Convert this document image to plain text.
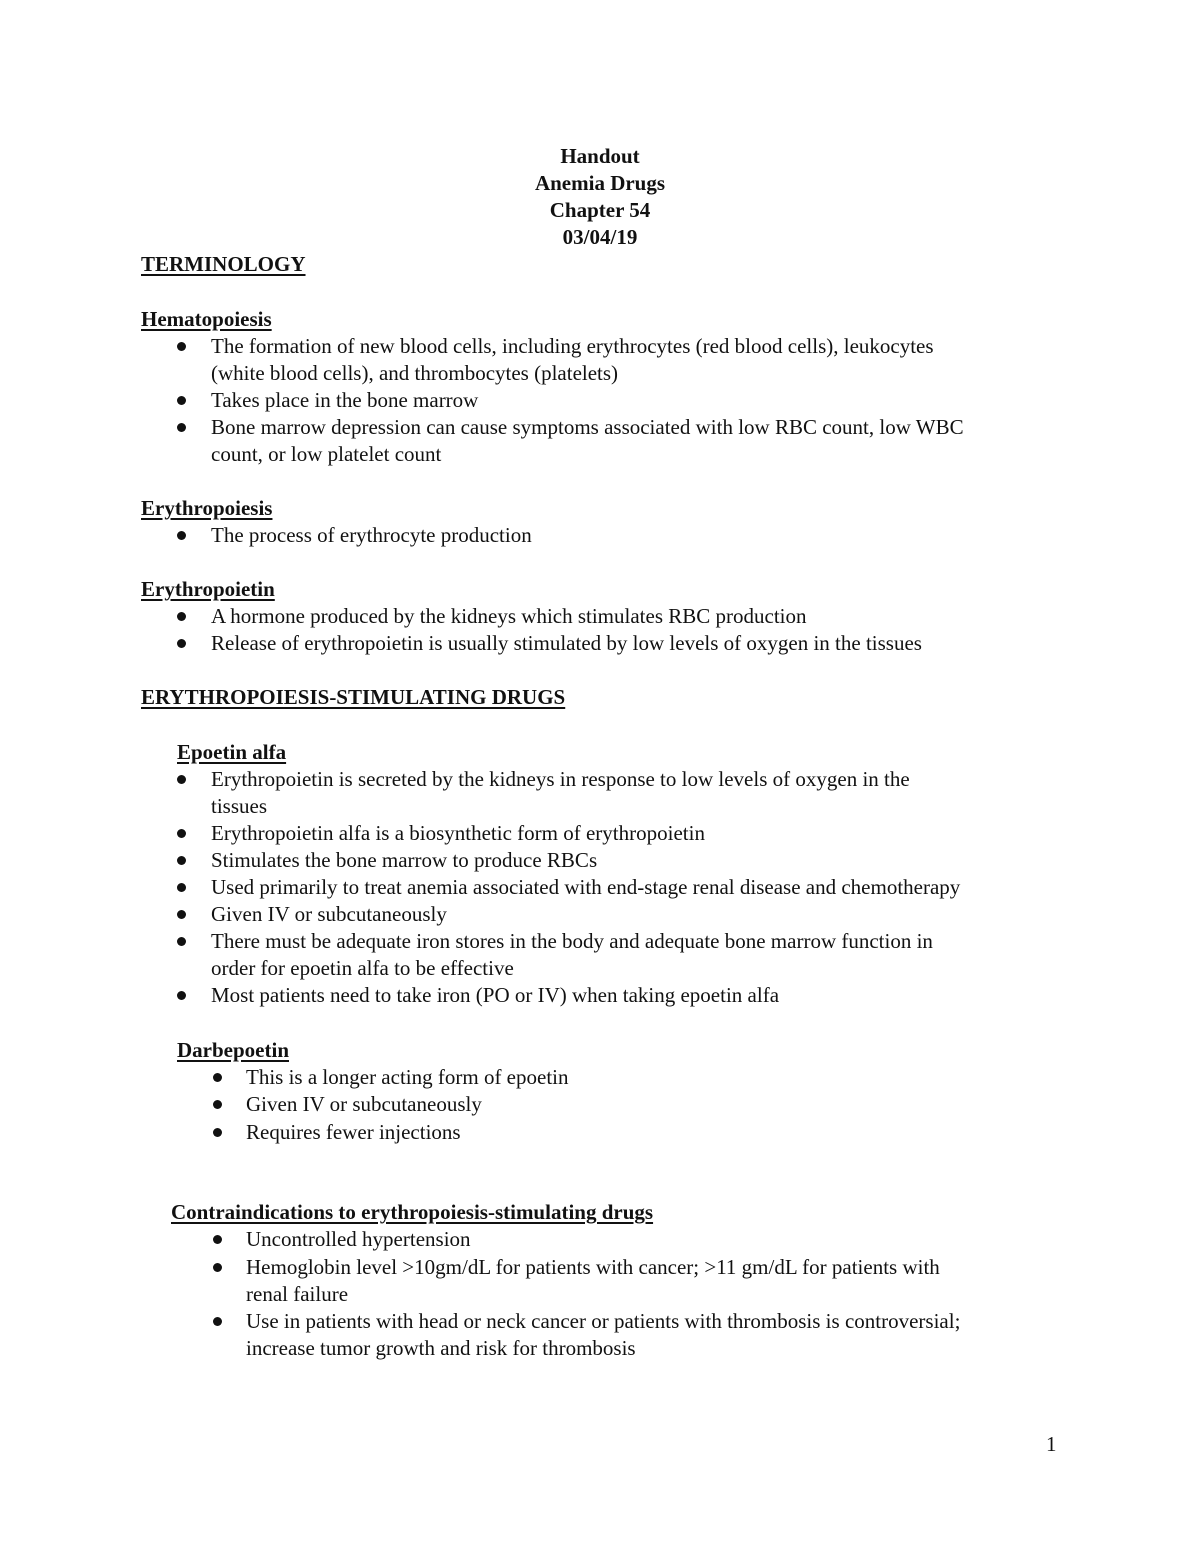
Handout
Anemia Drugs
Chapter 54
03/04/19
TERMINOLOGY
Hematopoiesis
The formation of new blood cells, including erythrocytes (red blood cells), leukocytes
(white blood cells), and thrombocytes (platelets)
Takes place in the bone marrow
Bone marrow depression can cause symptoms associated with low RBC count, low WBC
count, or low platelet count
Erythropoiesis
The process of erythrocyte production
Erythropoietin
A hormone produced by the kidneys which stimulates RBC production
Release of erythropoietin is usually stimulated by low levels of oxygen in the tissues
ERYTHROPOIESIS-STIMULATING DRUGS
Epoetin alfa
Erythropoietin is secreted by the kidneys in response to low levels of oxygen in the
tissues
Erythropoietin alfa is a biosynthetic form of erythropoietin
Stimulates the bone marrow to produce RBCs
Used primarily to treat anemia associated with end-stage renal disease and chemotherapy
Given IV or subcutaneously
There must be adequate iron stores in the body and adequate bone marrow function in
order for epoetin alfa to be effective
Most patients need to take iron (PO or IV) when taking epoetin alfa
Darbepoetin
This is a longer acting form of epoetin
Given IV or subcutaneously
Requires fewer injections
Contraindications to erythropoiesis-stimulating drugs
Uncontrolled hypertension
Hemoglobin level >10gm/dL for patients with cancer; >11 gm/dL for patients with
renal failure
Use in patients with head or neck cancer or patients with thrombosis is controversial;
increase tumor growth and risk for thrombosis
1
